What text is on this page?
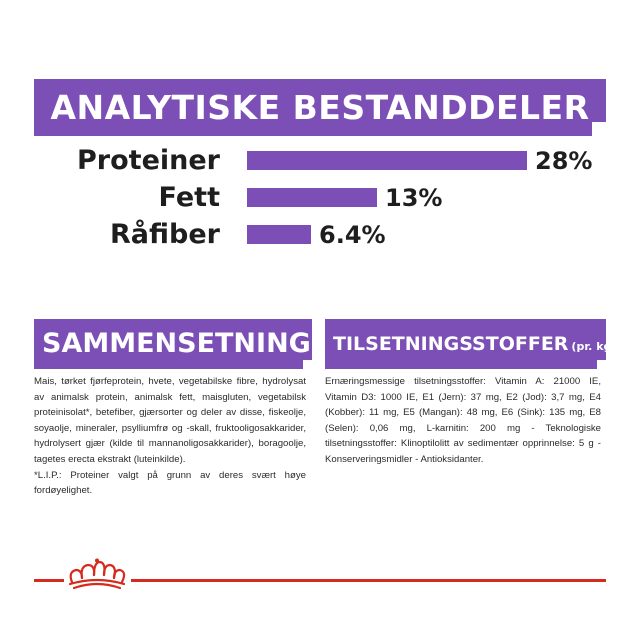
ANALYTISKE BESTANDDELER
Proteiner	28%
Fett	13%
Råfiber	6.4%
SAMMENSETNING
Mais, tørket fjørfeprotein, hvete, vegetabilske fibre, hydrolysat av animalsk protein, animalsk fett, maisgluten, vegetabilsk proteinisolat*, betefiber, gjærsorter og deler av disse, fiskeolje, soyaolje, mineraler, psylliumfrø og -skall, fruktooligosakkarider, hydrolysert gjær (kilde til mannanoligosakkarider), boragoolje, tagetes erecta ekstrakt (luteinkilde).
*L.I.P.: Proteiner valgt på grunn av deres svært høye fordøyelighet.
TILSETNINGSSTOFFER (pr. kg)
Ernæringsmessige tilsetningsstoffer: Vitamin A: 21000 IE, Vitamin D3: 1000 IE, E1 (Jern): 37 mg, E2 (Jod): 3,7 mg, E4 (Kobber): 11 mg, E5 (Mangan): 48 mg, E6 (Sink): 135 mg, E8 (Selen): 0,06 mg, L-karnitin: 200 mg - Teknologiske tilsetningsstoffer: Klinoptilolitt av sedimentær opprinnelse: 5 g - Konserveringsmidler - Antioksidanter.
